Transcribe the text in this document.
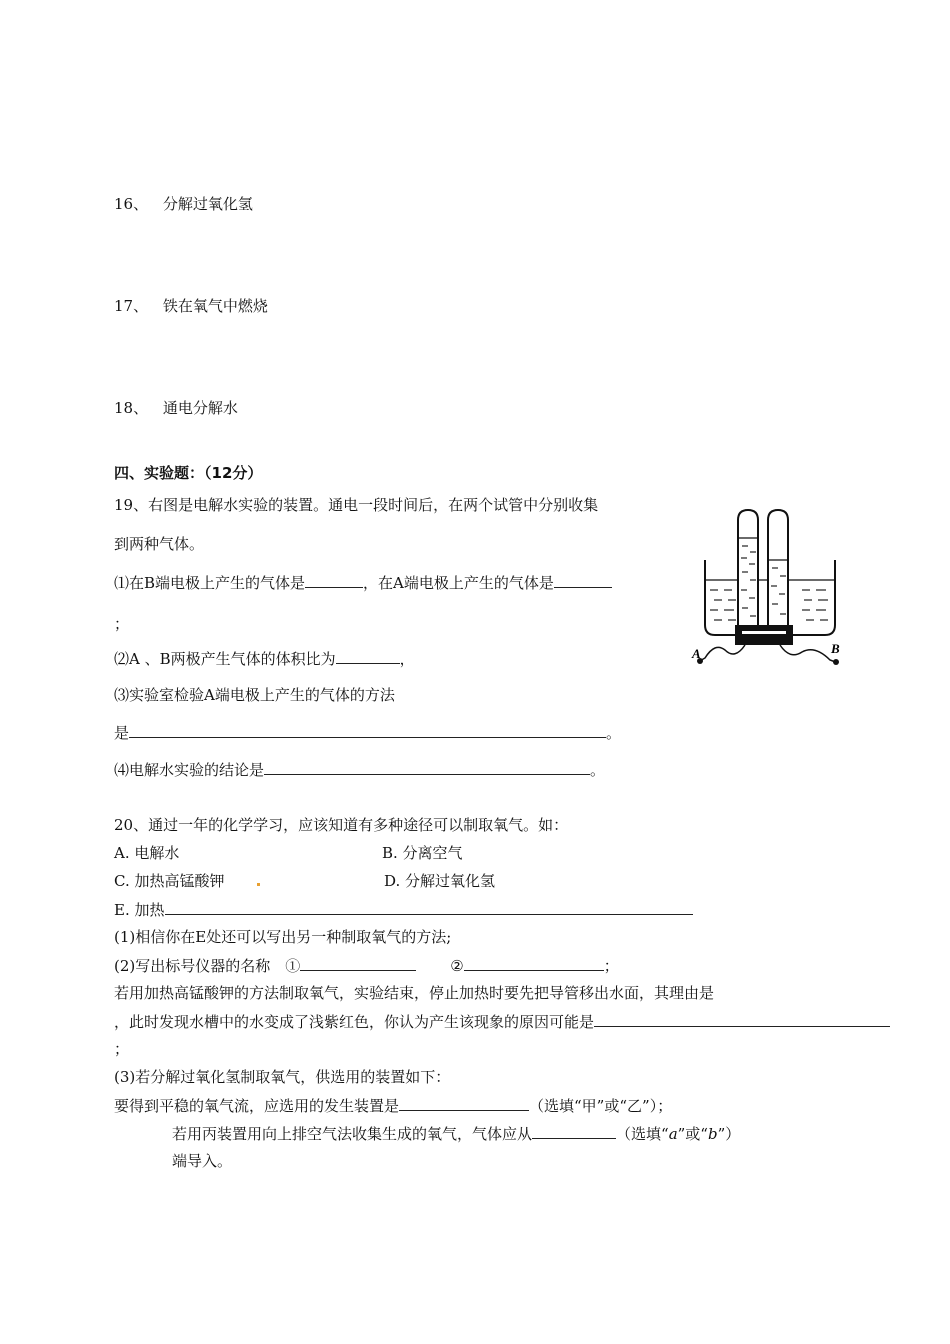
16、 分解过氧化氢
17、 铁在氧气中燃烧
18、 通电分解水
四、实验题：（12分）
19、右图是电解水实验的装置。通电一段时间后，在两个试管中分别收集
到两种气体。
⑴在B端电极上产生的气体是	，在A端电极上产生的气体是
；
⑵A 、B两极产生气体的体积比为	，
⑶实验室检验A端电极上产生的气体的方法
是	。
⑷电解水实验的结论是	。
A	B
20、通过一年的化学学习，应该知道有多种途径可以制取氧气。如：
A. 电解水	B. 分离空气
C. 加热高锰酸钾	D. 分解过氧化氢
E. 加热
(1)相信你在E处还可以写出另一种制取氧气的方法;
(2)写出标号仪器的名称　①	②	；
若用加热高锰酸钾的方法制取氧气，实验结束，停止加热时要先把导管移出水面，其理由是
，此时发现水槽中的水变成了浅紫红色，你认为产生该现象的原因可能是
；
(3)若分解过氧化氢制取氧气，供选用的装置如下：
要得到平稳的氧气流，应选用的发生装置是	（选填“甲”或“乙”）；
若用丙装置用向上排空气法收集生成的氧气，气体应从	（选填“a”或“b”）
端导入。
